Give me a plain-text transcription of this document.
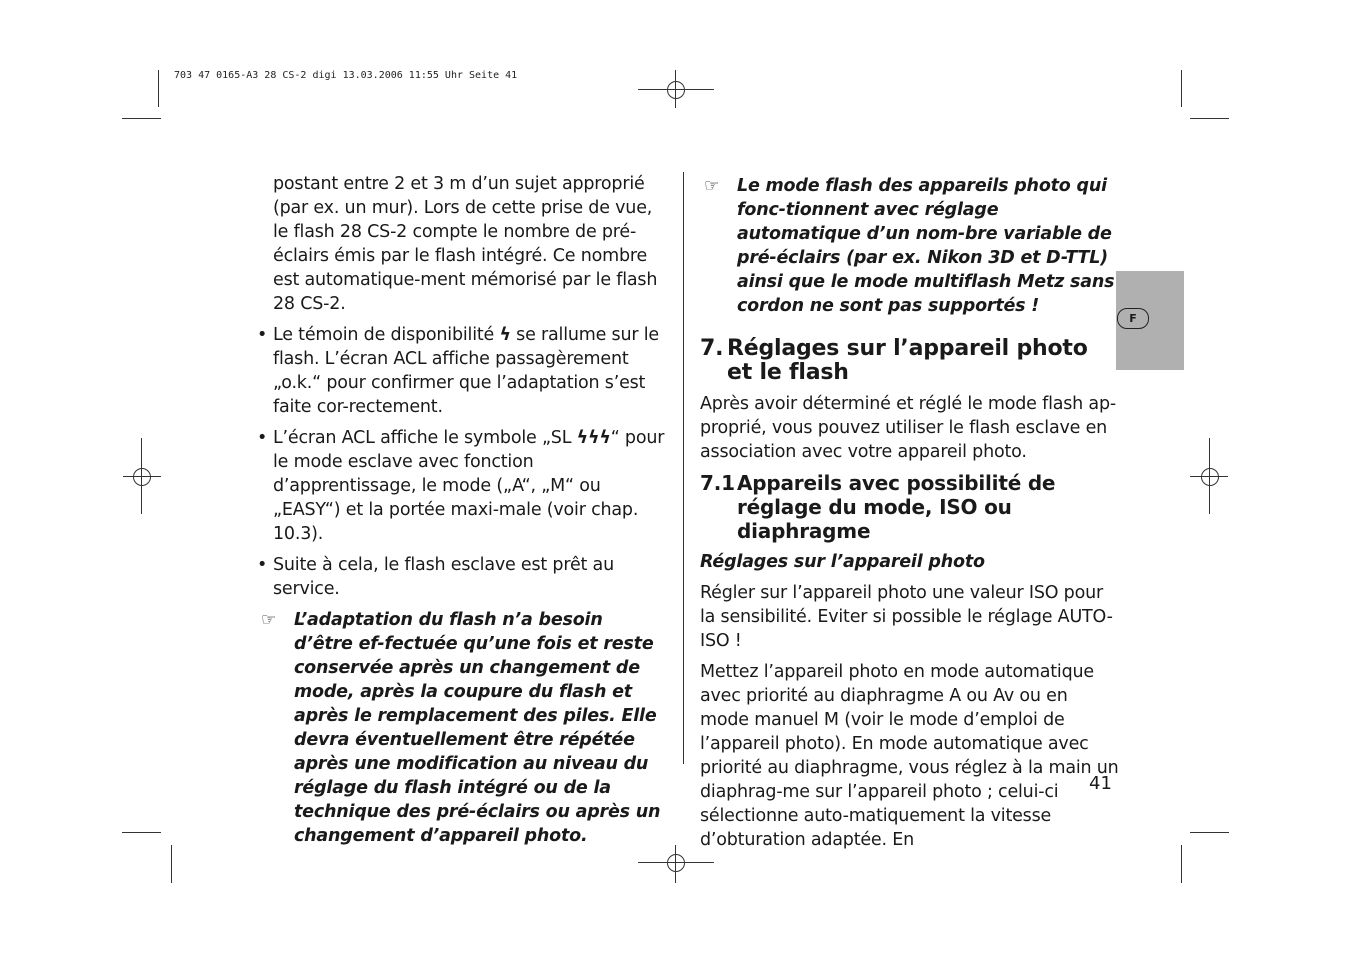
703 47 0165-A3 28 CS-2 digi 13.03.2006 11:55 Uhr Seite 41

postant entre 2 et 3 m d’un sujet approprié (par ex. un mur). Lors de cette prise de vue, le flash 28 CS-2 compte le nombre de pré-éclairs émis par le flash intégré. Ce nombre est automatique-ment mémorisé par le flash 28 CS-2.

• Le témoin de disponibilité ϟ se rallume sur le flash. L’écran ACL affiche passagèrement „o.k.“ pour confirmer que l’adaptation s’est faite cor-rectement.

• L’écran ACL affiche le symbole „SL ϟϟϟ“ pour le mode esclave avec fonction d’apprentissage, le mode („A“, „M“ ou „EASY“) et la portée maxi-male (voir chap. 10.3).

• Suite à cela, le flash esclave est prêt au service.

☞ L’adaptation du flash n’a besoin d’être ef-fectuée qu’une fois et reste conservée après un changement de mode, après la coupure du flash et après le remplacement des piles. Elle devra éventuellement être répétée après une modification au niveau du réglage du flash intégré ou de la technique des pré-éclairs ou après un changement d’appareil photo.

☞ Le mode flash des appareils photo qui fonc-tionnent avec réglage automatique d’un nom-bre variable de pré-éclairs (par ex. Nikon 3D et D-TTL) ainsi que le mode multiflash Metz sans cordon ne sont pas supportés !

7. Réglages sur l’appareil photo et le flash

Après avoir déterminé et réglé le mode flash ap-proprié, vous pouvez utiliser le flash esclave en association avec votre appareil photo.

7.1 Appareils avec possibilité de réglage du mode, ISO ou diaphragme

Réglages sur l’appareil photo

Régler sur l’appareil photo une valeur ISO pour la sensibilité. Eviter si possible le réglage AUTO-ISO !

Mettez l’appareil photo en mode automatique avec priorité au diaphragme A ou Av ou en mode manuel M (voir le mode d’emploi de l’appareil photo). En mode automatique avec priorité au diaphragme, vous réglez à la main un diaphrag-me sur l’appareil photo ; celui-ci sélectionne auto-matiquement la vitesse d’obturation adaptée. En

F
41
